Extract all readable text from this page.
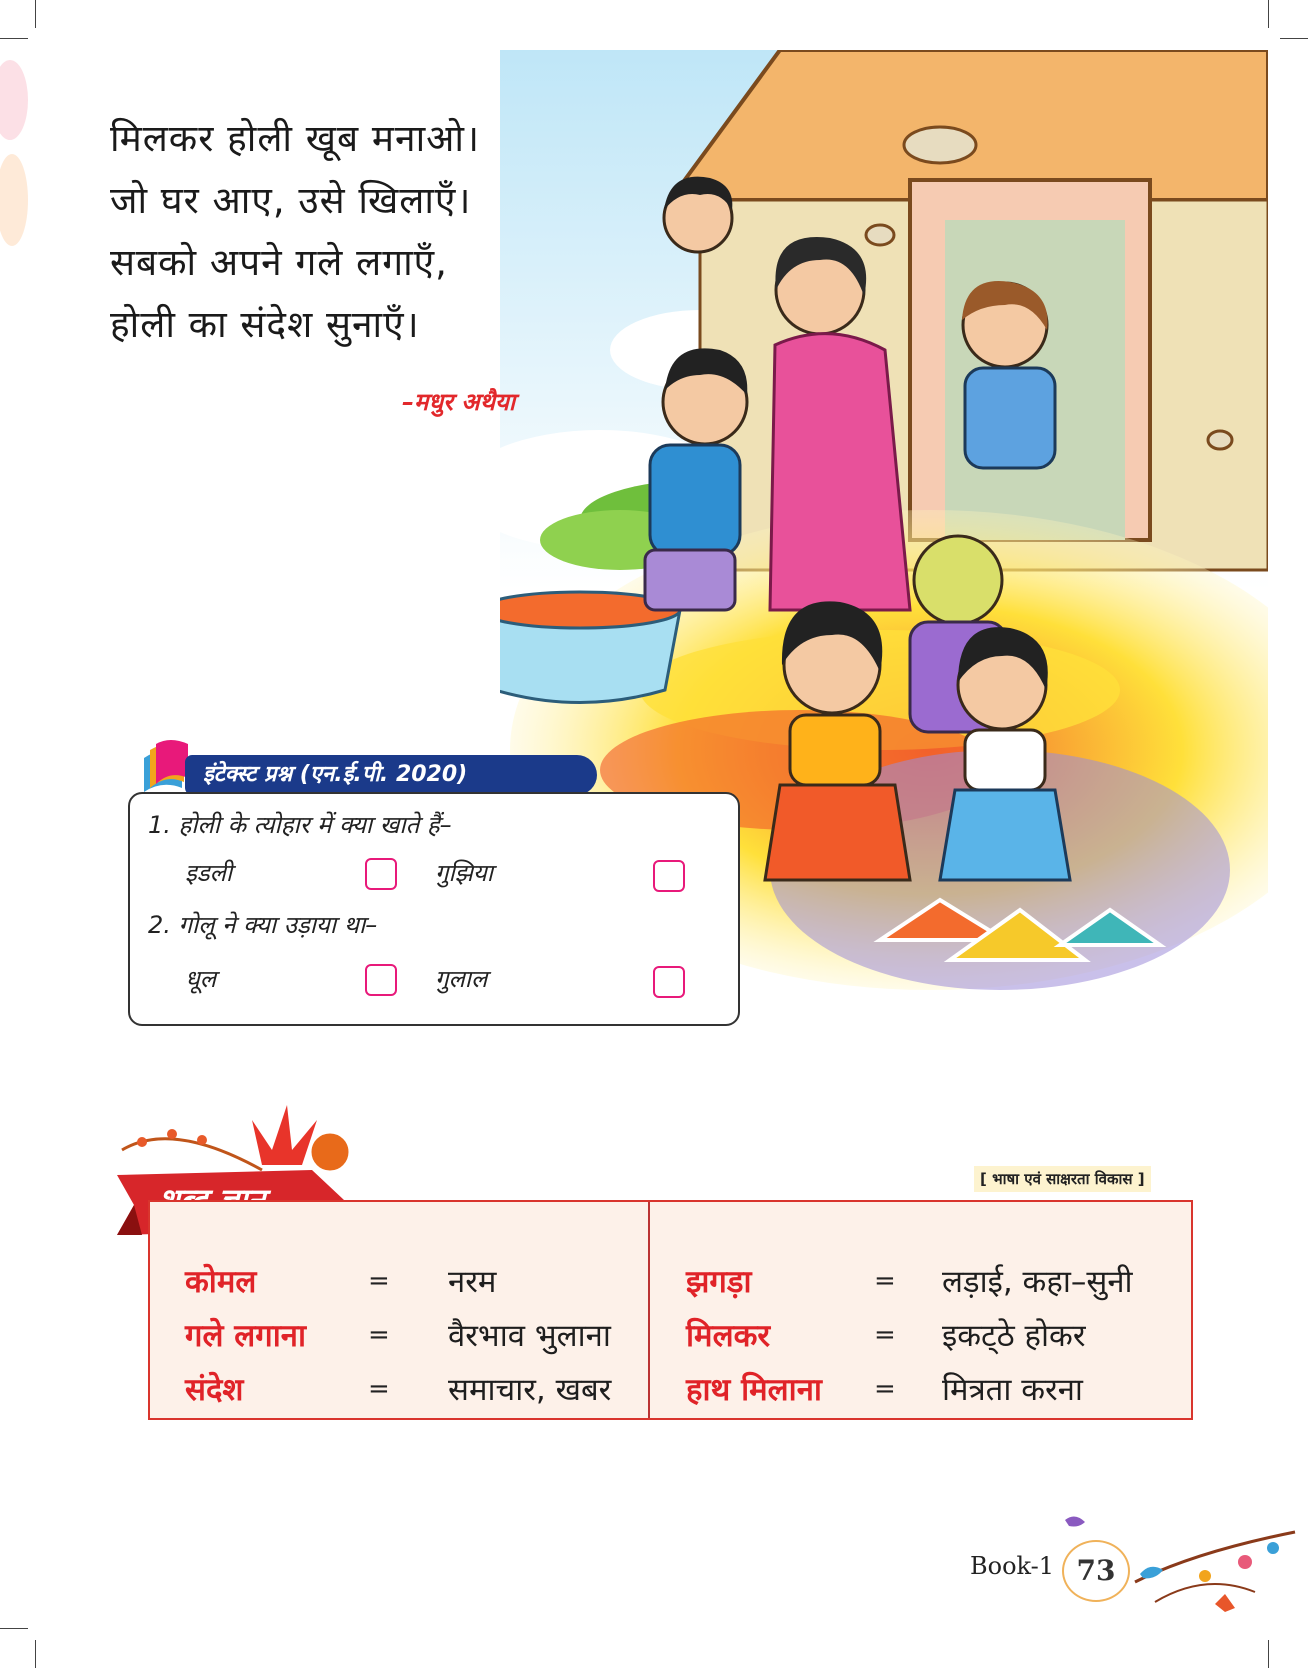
मिलकर होली खूब मनाओ।
जो घर आए, उसे खिलाएँ।
सबको अपने गले लगाएँ,
होली का संदेश सुनाएँ।
–मधुर अथैया
इंटेक्स्ट प्रश्न (एन.ई.पी. 2020)
1. होली के त्योहार में क्या खाते हैं–
इडली	गुझिया
2. गोलू ने क्या उड़ाया था–
धूल	गुलाल
[ भाषा एवं साक्षरता विकास ]
कोमल	= नरम
गले लगाना = वैरभाव भुलाना
संदेश	= समाचार, खबर
झगड़ा	= लड़ाई, कहा–सुनी
मिलकर	= इकट्‌ठे होकर
हाथ मिलाना = मित्रता करना
Book-1 73
